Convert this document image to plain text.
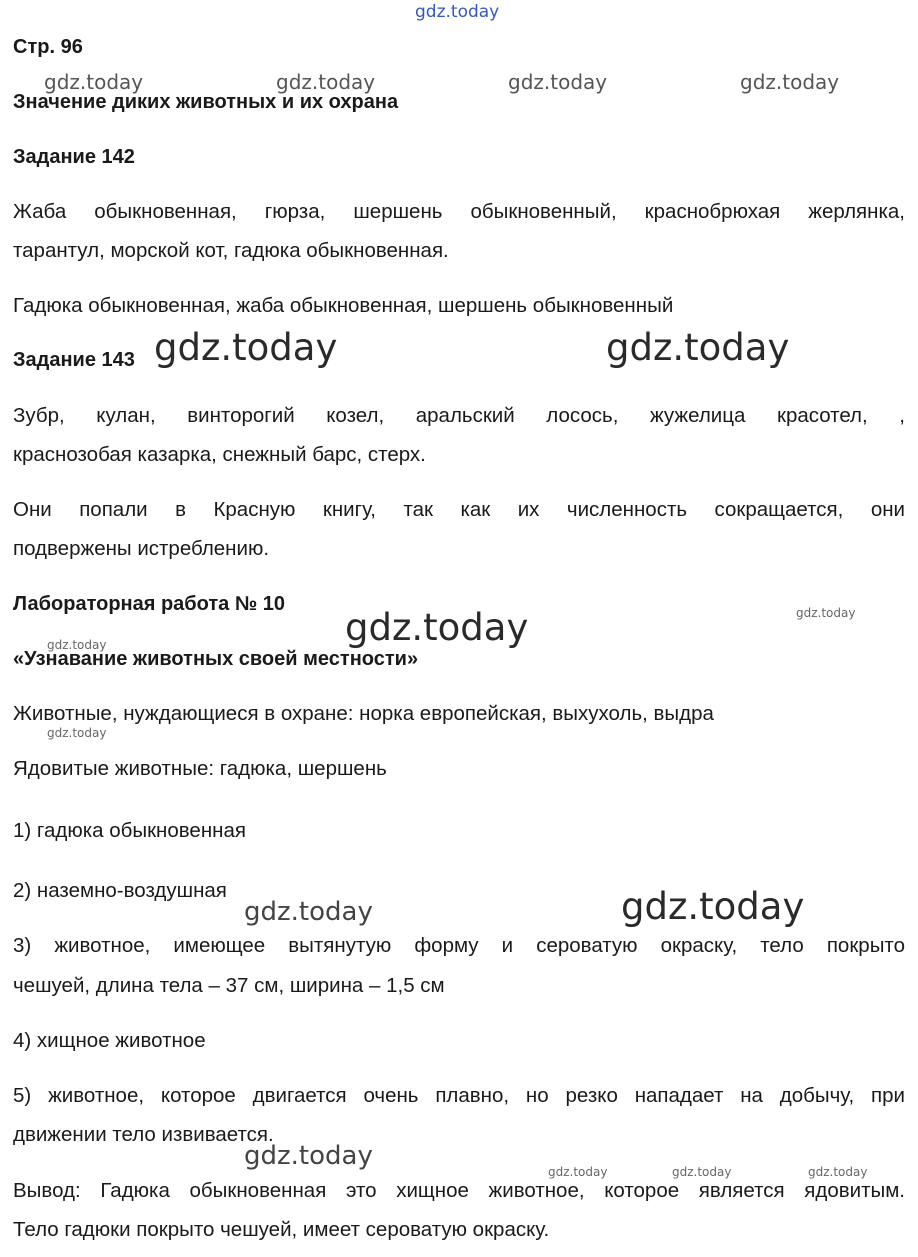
gdz.today
gdz.today	gdz.today	gdz.today	gdz.today
gdz.today	gdz.today
gdz.today
gdz.today
gdz.today
gdz.today
gdz.today	gdz.today
gdz.today
gdz.today	gdz.today	gdz.today
Стр. 96
Значение диких животных и их охрана
Задание 142
Жаба обыкновенная, гюрза, шершень обыкновенный, краснобрюхая жерлянка,
тарантул, морской кот, гадюка обыкновенная.
Гадюка обыкновенная, жаба обыкновенная, шершень обыкновенный
Задание 143
Зубр, кулан, винторогий козел, аральский лосось, жужелица красотел, ,
краснозобая казарка, снежный барс, стерх.
Они попали в Красную книгу, так как их численность сокращается, они
подвержены истреблению.
Лабораторная работа № 10
«Узнавание животных своей местности»
Животные, нуждающиеся в охране: норка европейская, выхухоль, выдра
Ядовитые животные: гадюка, шершень
1) гадюка обыкновенная
2) наземно-воздушная
3) животное, имеющее вытянутую форму и сероватую окраску, тело покрыто
чешуей, длина тела – 37 см, ширина – 1,5 см
4) хищное животное
5) животное, которое двигается очень плавно, но резко нападает на добычу, при
движении тело извивается.
Вывод: Гадюка обыкновенная это хищное животное, которое является ядовитым.
Тело гадюки покрыто чешуей, имеет сероватую окраску.
